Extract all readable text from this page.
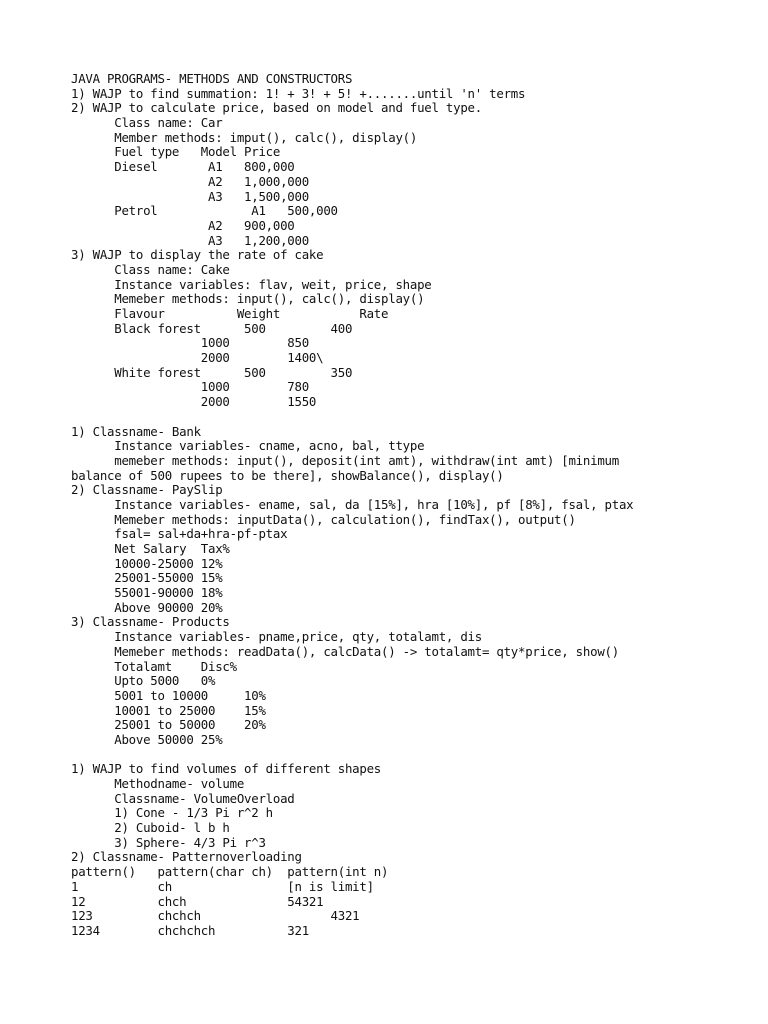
JAVA PROGRAMS- METHODS AND CONSTRUCTORS
1) WAJP to find summation: 1! + 3! + 5! +.......until 'n' terms
2) WAJP to calculate price, based on model and fuel type.
Class name: Car
Member methods: imput(), calc(), display()
Fuel type   Model Price
Diesel       A1   800,000
A2   1,000,000
A3   1,500,000
Petrol             A1   500,000
A2   900,000
A3   1,200,000
3) WAJP to display the rate of cake
Class name: Cake
Instance variables: flav, weit, price, shape
Memeber methods: input(), calc(), display()
Flavour          Weight           Rate
Black forest      500         400
1000        850
2000        1400\
White forest      500         350
1000        780
2000        1550
1) Classname- Bank
Instance variables- cname, acno, bal, ttype
memeber methods: input(), deposit(int amt), withdraw(int amt) [minimum
balance of 500 rupees to be there], showBalance(), display()
2) Classname- PaySlip
Instance variables- ename, sal, da [15%], hra [10%], pf [8%], fsal, ptax
Memeber methods: inputData(), calculation(), findTax(), output()
fsal= sal+da+hra-pf-ptax
Net Salary  Tax%
10000-25000 12%
25001-55000 15%
55001-90000 18%
Above 90000 20%
3) Classname- Products
Instance variables- pname,price, qty, totalamt, dis
Memeber methods: readData(), calcData() -> totalamt= qty*price, show()
Totalamt    Disc%
Upto 5000   0%
5001 to 10000     10%
10001 to 25000    15%
25001 to 50000    20%
Above 50000 25%
1) WAJP to find volumes of different shapes
Methodname- volume
Classname- VolumeOverload
1) Cone - 1/3 Pi r^2 h
2) Cuboid- l b h
3) Sphere- 4/3 Pi r^3
2) Classname- Patternoverloading
pattern()   pattern(char ch)  pattern(int n)
1           ch                [n is limit]
12          chch              54321
123         chchch                  4321
1234        chchchch          321
